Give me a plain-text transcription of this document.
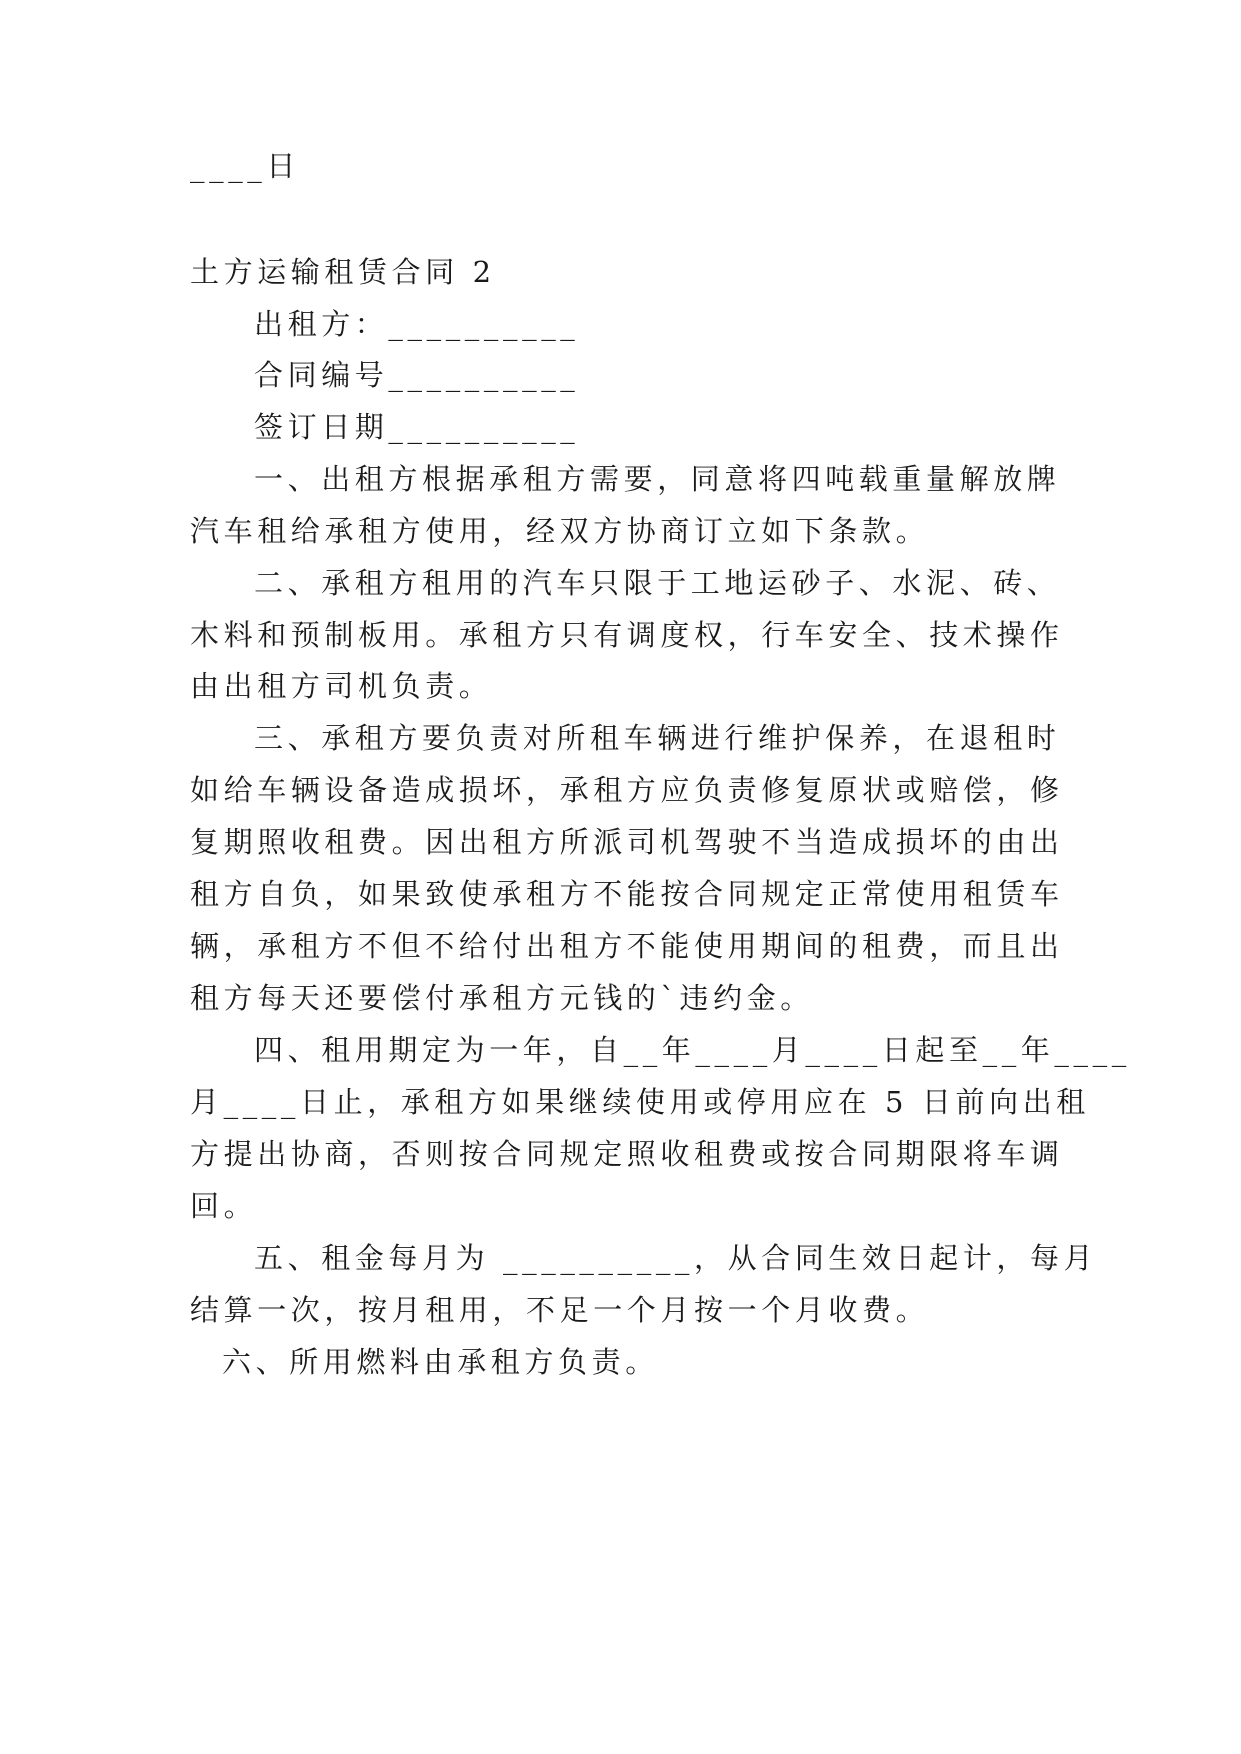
____日
土方运输租赁合同 2
出租方：__________
合同编号__________
签订日期__________
一、出租方根据承租方需要，同意将四吨载重量解放牌
汽车租给承租方使用，经双方协商订立如下条款。
二、承租方租用的汽车只限于工地运砂子、水泥、砖、
木料和预制板用。承租方只有调度权，行车安全、技术操作
由出租方司机负责。
三、承租方要负责对所租车辆进行维护保养，在退租时
如给车辆设备造成损坏，承租方应负责修复原状或赔偿，修
复期照收租费。因出租方所派司机驾驶不当造成损坏的由出
租方自负，如果致使承租方不能按合同规定正常使用租赁车
辆，承租方不但不给付出租方不能使用期间的租费，而且出
租方每天还要偿付承租方元钱的`违约金。
四、租用期定为一年，自__年____月____日起至__年____
月____日止，承租方如果继续使用或停用应在 5 日前向出租
方提出协商，否则按合同规定照收租费或按合同期限将车调
回。
五、租金每月为 __________，从合同生效日起计，每月
结算一次，按月租用，不足一个月按一个月收费。
六、所用燃料由承租方负责。
